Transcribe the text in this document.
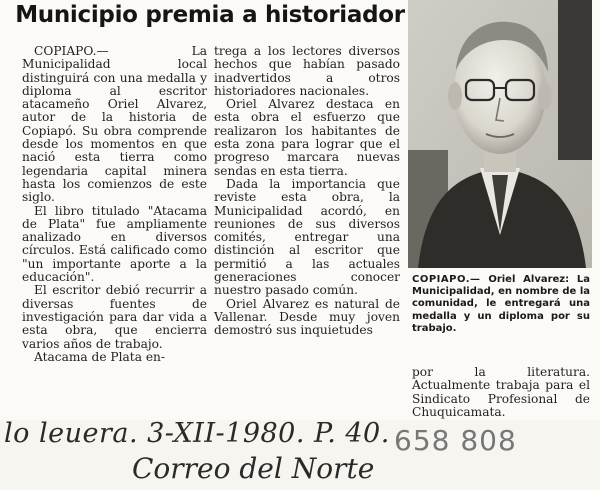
Municipio premia a historiador

COPIAPO.— La Municipalidad local distinguirá con una medalla y diploma al escritor atacameño Oriel Alvarez, autor de la historia de Copiapó. Su obra comprende desde los momentos en que nació esta tierra como legendaria capital minera hasta los comienzos de este siglo.

El libro titulado "Atacama de Plata" fue ampliamente analizado en diversos círculos. Está calificado como "un importante aporte a la educación".

El escritor debió recurrir a diversas fuentes de investigación para dar vida a esta obra, que encierra varios años de trabajo.

Atacama de Plata en-

trega a los lectores diversos hechos que habían pasado inadvertidos a otros historiadores nacionales.

Oriel Alvarez destaca en esta obra el esfuerzo que realizaron los habitantes de esta zona para lograr que el progreso marcara nuevas sendas en esta tierra.

Dada la importancia que reviste esta obra, la Municipalidad acordó, en reuniones de sus diversos comités, entregar una distinción al escritor que permitió a las actuales generaciones conocer nuestro pasado común.

Oriel Alvarez es natural de Vallenar. Desde muy joven demostró sus inquietudes

COPIAPO.— Oriel Alvarez: La Municipalidad, en nombre de la comunidad, le entregará una medalla y un diploma por su trabajo.

por la literatura. Actualmente trabaja para el Sindicato Profesional de Chuquicamata.

lo leuera. 3-XII-1980. P. 40.
Correo del Norte
658 808
